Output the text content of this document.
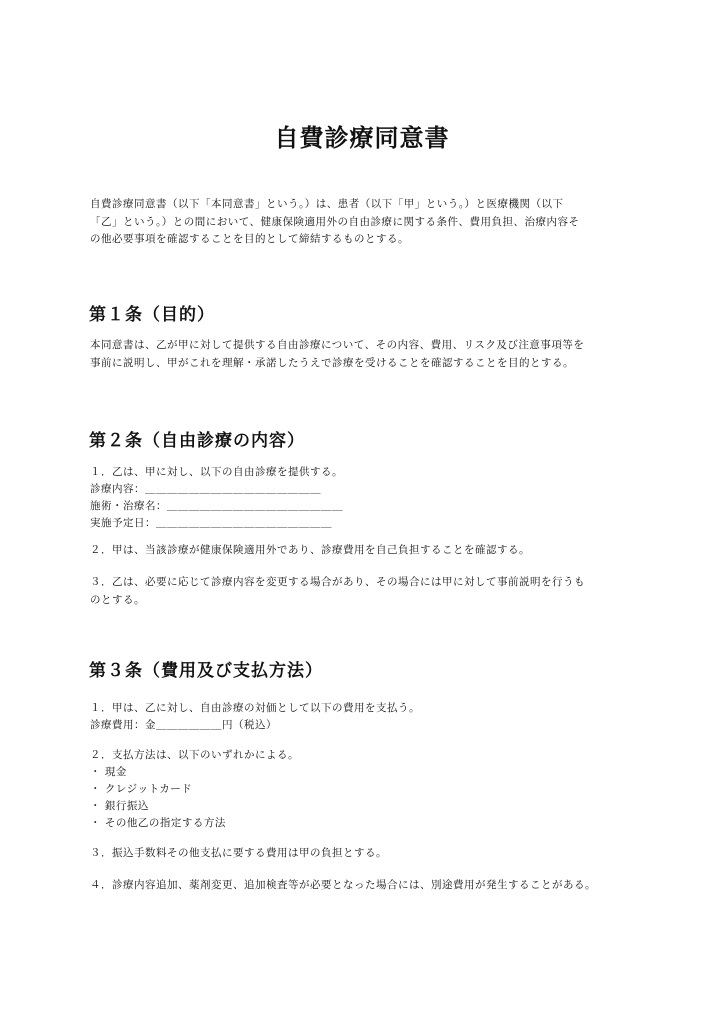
自費診療同意書
自費診療同意書（以下「本同意書」という。）は、患者（以下「甲」という。）と医療機関（以下
「乙」という。）との間において、健康保険適用外の自由診療に関する条件、費用負担、治療内容そ
の他必要事項を確認することを目的として締結するものとする。
第１条（目的）
本同意書は、乙が甲に対して提供する自由診療について、その内容、費用、リスク及び注意事項等を
事前に説明し、甲がこれを理解・承諾したうえで診療を受けることを確認することを目的とする。
第２条（自由診療の内容）
１．乙は、甲に対し、以下の自由診療を提供する。
診療内容：＿＿＿＿＿＿＿＿＿＿＿＿＿＿＿＿
施術・治療名：＿＿＿＿＿＿＿＿＿＿＿＿＿＿＿＿
実施予定日：＿＿＿＿＿＿＿＿＿＿＿＿＿＿＿＿
２．甲は、当該診療が健康保険適用外であり、診療費用を自己負担することを確認する。
３．乙は、必要に応じて診療内容を変更する場合があり、その場合には甲に対して事前説明を行うも
のとする。
第３条（費用及び支払方法）
１．甲は、乙に対し、自由診療の対価として以下の費用を支払う。
診療費用：金＿＿＿＿＿＿円（税込）
２．支払方法は、以下のいずれかによる。
・ 現金
・ クレジットカード
・ 銀行振込
・ その他乙の指定する方法
３．振込手数料その他支払に要する費用は甲の負担とする。
４．診療内容追加、薬剤変更、追加検査等が必要となった場合には、別途費用が発生することがある。
